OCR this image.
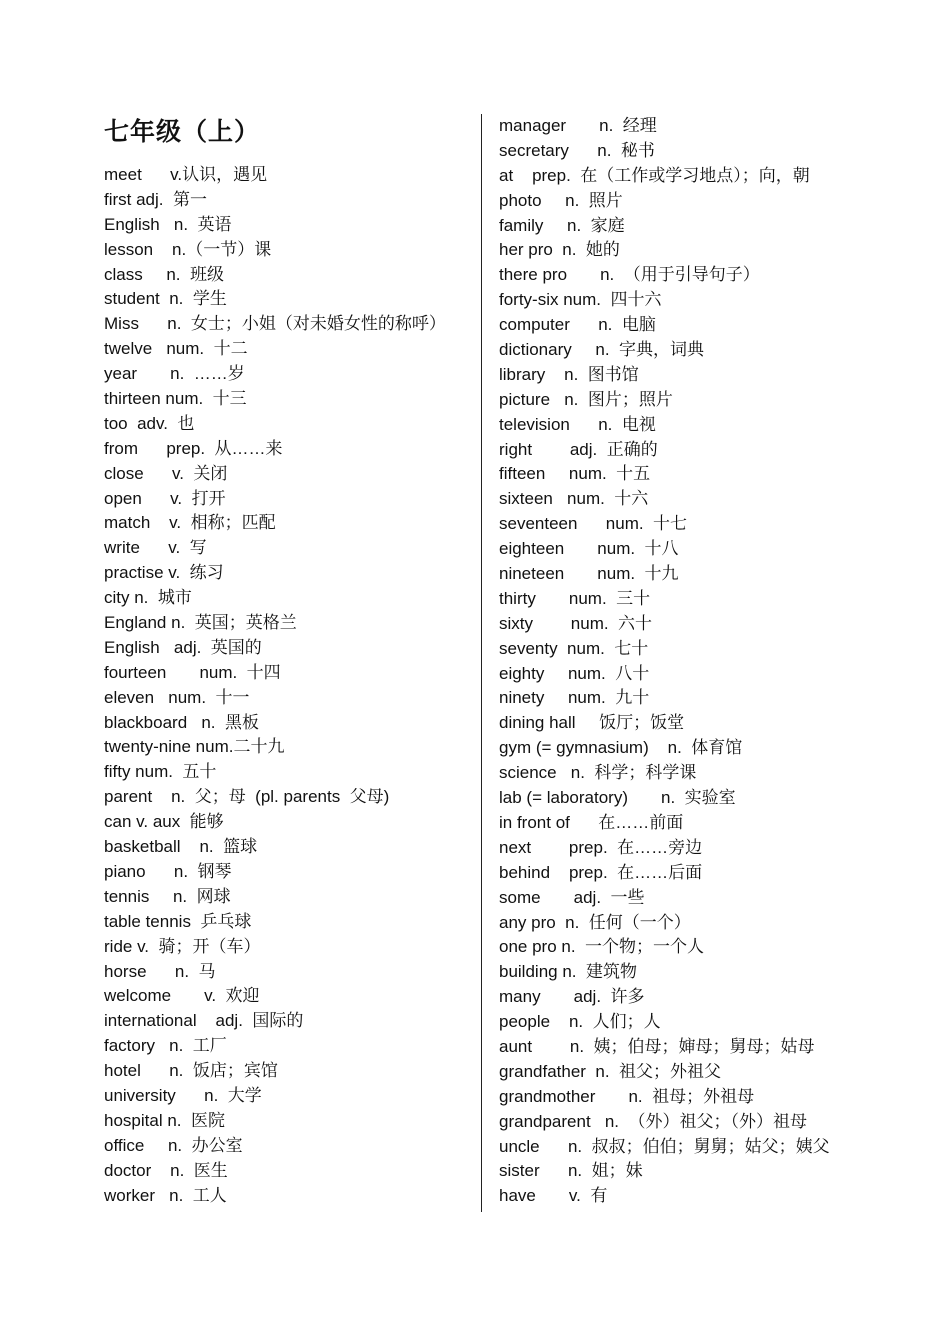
七年级（上）
meet      v.认识，遇见
first adj.  第一
English   n.  英语
lesson    n.（一节）课
class     n.  班级
student  n.  学生
Miss      n.  女士；小姐（对未婚女性的称呼）
twelve   num.  十二
year       n.  ……岁
thirteen num.  十三
too  adv.  也
from      prep.  从……来
close      v.  关闭
open      v.  打开
match    v.  相称；匹配
write      v.  写
practise v.  练习
city n.  城市
England n.  英国；英格兰
English   adj.  英国的
fourteen       num.  十四
eleven   num.  十一
blackboard   n.  黑板
twenty-nine num.二十九
fifty num.  五十
parent    n.  父；母  (pl. parents  父母)
can v. aux  能够
basketball    n.  篮球
piano      n.  钢琴
tennis     n.  网球
table tennis  乒乓球
ride v.  骑；开（车）
horse      n.  马
welcome       v.  欢迎
international    adj.  国际的
factory   n.  工厂
hotel      n.  饭店；宾馆
university      n.  大学
hospital n.  医院
office     n.  办公室
doctor    n.  医生
worker   n.  工人
manager       n.  经理
secretary      n.  秘书
at    prep.  在（工作或学习地点）；向，朝
photo     n.  照片
family     n.  家庭
her pro  n.  她的
there pro       n.  （用于引导句子）
forty-six num.  四十六
computer      n.  电脑
dictionary     n.  字典，词典
library    n.  图书馆
picture   n.  图片；照片
television      n.  电视
right        adj.  正确的
fifteen     num.  十五
sixteen   num.  十六
seventeen      num.  十七
eighteen       num.  十八
nineteen       num.  十九
thirty       num.  三十
sixty        num.  六十
seventy  num.  七十
eighty     num.  八十
ninety     num.  九十
dining hall     饭厅；饭堂
gym (= gymnasium)    n.  体育馆
science   n.  科学；科学课
lab (= laboratory)       n.  实验室
in front of      在……前面
next        prep.  在……旁边
behind    prep.  在……后面
some       adj.  一些
any pro  n.  任何（一个）
one pro n.  一个物；一个人
building n.  建筑物
many       adj.  许多
people    n.  人们；人
aunt        n.  姨；伯母；婶母；舅母；姑母
grandfather  n.  祖父；外祖父
grandmother       n.  祖母；外祖母
grandparent   n.  （外）祖父；（外）祖母
uncle      n.  叔叔；伯伯；舅舅；姑父；姨父
sister      n.  姐；妹
have       v.  有
